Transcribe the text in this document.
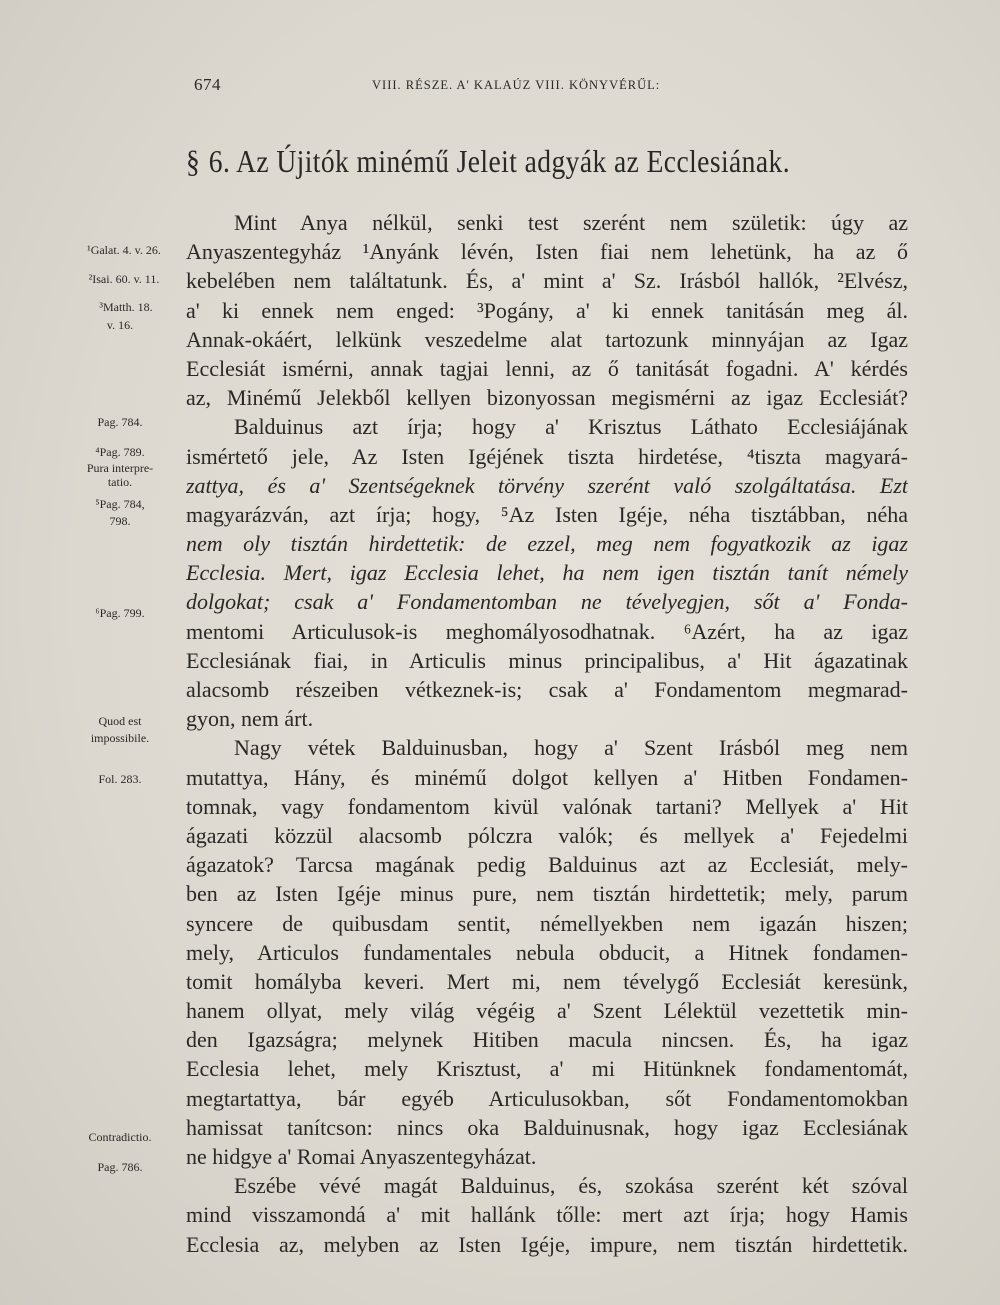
674	VIII. RÉSZE. A' KALAÚZ VIII. KÖNYVÉRŰL:
§ 6. Az Újitók minémű Jeleit adgyák az Ecclesiának.
¹Galat. 4. v. 26.
²Isai. 60. v. 11.
³Matth. 18.
v. 16.
Pag. 784.
⁴Pag. 789.
Pura interpre-
tatio.
⁵Pag. 784,
798.
⁶Pag. 799.
Quod est
impossibile.
Fol. 283.
Contradictio.
Pag. 786.
Mint Anya nélkül, senki test szerént nem születik: úgy az
Anyaszentegyház ¹Anyánk lévén, Isten fiai nem lehetünk, ha az ő
kebelében nem találtatunk. És, a' mint a' Sz. Irásból hallók, ²Elvész,
a' ki ennek nem enged: ³Pogány, a' ki ennek tanitásán meg ál.
Annak-okáért, lelkünk veszedelme alat tartozunk minnyájan az Igaz
Ecclesiát ismérni, annak tagjai lenni, az ő tanitását fogadni. A' kérdés
az, Minémű Jelekből kellyen bizonyossan megismérni az igaz Ecclesiát?
Balduinus azt írja; hogy a' Krisztus Láthato Ecclesiájának
ismértető jele, Az Isten Igéjének tiszta hirdetése, ⁴tiszta magyará-
zattya, és a' Szentségeknek törvény szerént való szolgáltatása. Ezt
magyarázván, azt írja; hogy, ⁵Az Isten Igéje, néha tisztábban, néha
nem oly tisztán hirdettetik: de ezzel, meg nem fogyatkozik az igaz
Ecclesia. Mert, igaz Ecclesia lehet, ha nem igen tisztán tanít némely
dolgokat; csak a' Fondamentomban ne tévelyegjen, sőt a' Fonda-
mentomi Articulusok-is meghomályosodhatnak. ⁶Azért, ha az igaz
Ecclesiának fiai, in Articulis minus principalibus, a' Hit ágazatinak
alacsomb részeiben vétkeznek-is; csak a' Fondamentom megmarad-
gyon, nem árt.
Nagy vétek Balduinusban, hogy a' Szent Irásból meg nem
mutattya, Hány, és minémű dolgot kellyen a' Hitben Fondamen-
tomnak, vagy fondamentom kivül valónak tartani? Mellyek a' Hit
ágazati közzül alacsomb pólczra valók; és mellyek a' Fejedelmi
ágazatok? Tarcsa magának pedig Balduinus azt az Ecclesiát, mely-
ben az Isten Igéje minus pure, nem tisztán hirdettetik; mely, parum
syncere de quibusdam sentit, némellyekben nem igazán hiszen;
mely, Articulos fundamentales nebula obducit, a Hitnek fondamen-
tomit homályba keveri. Mert mi, nem tévelygő Ecclesiát keresünk,
hanem ollyat, mely világ végéig a' Szent Lélektül vezettetik min-
den Igazságra; melynek Hitiben macula nincsen. És, ha igaz
Ecclesia lehet, mely Krisztust, a' mi Hitünknek fondamentomát,
megtartattya, bár egyéb Articulusokban, sőt Fondamentomokban
hamissat tanítcson: nincs oka Balduinusnak, hogy igaz Ecclesiának
ne hidgye a' Romai Anyaszentegyházat.
Eszébe vévé magát Balduinus, és, szokása szerént két szóval
mind visszamondá a' mit hallánk tőlle: mert azt írja; hogy Hamis
Ecclesia az, melyben az Isten Igéje, impure, nem tisztán hirdettetik.
